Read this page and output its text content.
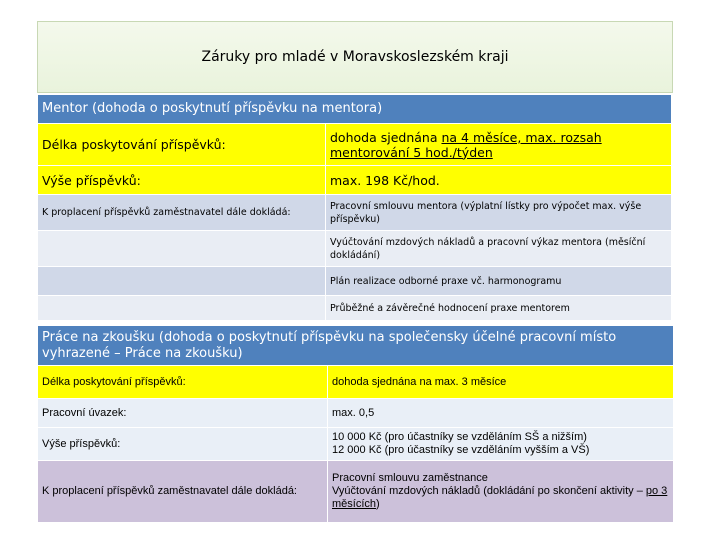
Záruky pro mladé v Moravskoslezském kraji
Mentor (dohoda o poskytnutí příspěvku na mentora)	
Délka poskytování příspěvků:	dohoda sjednána na 4 měsíce, max. rozsah mentorování 5 hod./týden
Výše příspěvků:	max. 198 Kč/hod.
K proplacení příspěvků zaměstnavatel dále dokládá:	Pracovní smlouvu mentora (výplatní lístky pro výpočet max. výše příspěvku)
	Vyúčtování mzdových nákladů a pracovní výkaz mentora (měsíční dokládání)
	Plán realizace odborné praxe vč. harmonogramu
	Průběžné a závěrečné hodnocení praxe mentorem
Práce na zkoušku (dohoda o poskytnutí příspěvku na společensky účelné pracovní místo vyhrazené – Práce na zkoušku)	
Délka poskytování příspěvků:	dohoda sjednána na max. 3 měsíce
Pracovní úvazek:	max. 0,5
Výše příspěvků:	10 000 Kč (pro účastníky se vzděláním SŠ a nižším)
12 000 Kč (pro účastníky se vzděláním vyšším a VŠ)

K proplacení příspěvků zaměstnavatel dále dokládá:	Pracovní smlouvu zaměstnance
Vyúčtování mzdových nákladů (dokládání po skončení aktivity – po 3 měsících)
